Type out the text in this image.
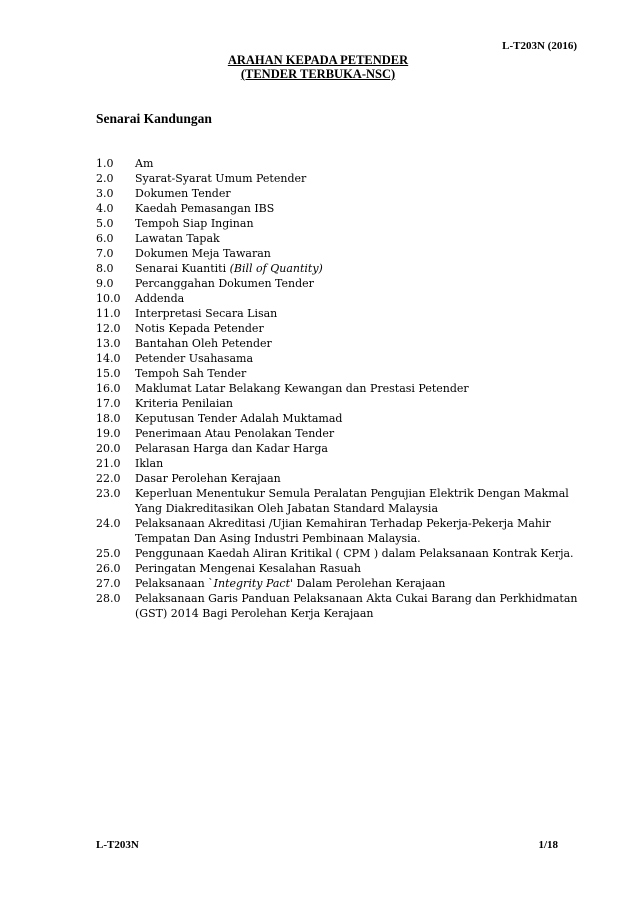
L-T203N (2016)
ARAHAN KEPADA PETENDER
(TENDER TERBUKA-NSC)
Senarai Kandungan
1.0	Am
2.0	Syarat-Syarat Umum Petender
3.0	Dokumen Tender
4.0	Kaedah Pemasangan IBS
5.0	Tempoh Siap Inginan
6.0	Lawatan Tapak
7.0	Dokumen Meja Tawaran
8.0	Senarai Kuantiti (Bill of Quantity)
9.0	Percanggahan Dokumen Tender
10.0	Addenda
11.0	Interpretasi Secara Lisan
12.0	Notis Kepada Petender
13.0	Bantahan Oleh Petender
14.0	Petender Usahasama
15.0	Tempoh Sah Tender
16.0	Maklumat Latar Belakang Kewangan dan Prestasi Petender
17.0	Kriteria Penilaian
18.0	Keputusan Tender Adalah Muktamad
19.0	Penerimaan Atau Penolakan Tender
20.0	Pelarasan Harga dan Kadar Harga
21.0	Iklan
22.0	Dasar Perolehan Kerajaan
23.0	Keperluan Menentukur Semula Peralatan Pengujian Elektrik Dengan Makmal
Yang Diakreditasikan Oleh Jabatan Standard Malaysia
24.0	Pelaksanaan Akreditasi /Ujian Kemahiran Terhadap Pekerja-Pekerja Mahir
Tempatan Dan Asing Industri Pembinaan Malaysia.
25.0	Penggunaan Kaedah Aliran Kritikal ( CPM ) dalam Pelaksanaan Kontrak Kerja.
26.0	Peringatan Mengenai Kesalahan Rasuah
27.0	Pelaksanaan `Integrity Pact' Dalam Perolehan Kerajaan
28.0	Pelaksanaan Garis Panduan Pelaksanaan Akta Cukai Barang dan Perkhidmatan
(GST) 2014 Bagi Perolehan Kerja Kerajaan
L-T203N	1/18
